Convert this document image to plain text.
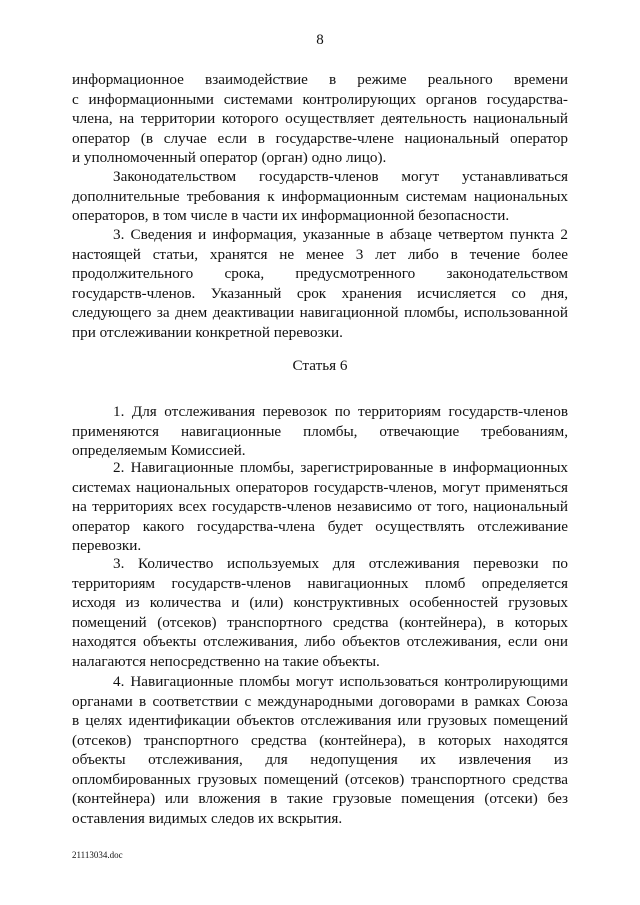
8
информационное взаимодействие в режиме реального времени
с информационными системами контролирующих органов государства-
члена, на территории которого осуществляет деятельность национальный
оператор (в случае если в государстве-члене национальный оператор
и уполномоченный оператор (орган) одно лицо).
Законодательством государств-членов могут устанавливаться
дополнительные требования к информационным системам национальных
операторов, в том числе в части их информационной безопасности.
3. Сведения и информация, указанные в абзаце четвертом пункта 2
настоящей статьи, хранятся не менее 3 лет либо в течение более
продолжительного срока, предусмотренного законодательством
государств-членов. Указанный срок хранения исчисляется со дня,
следующего за днем деактивации навигационной пломбы, использованной
при отслеживании конкретной перевозки.
Статья 6
1. Для отслеживания перевозок по территориям государств-членов
применяются навигационные пломбы, отвечающие требованиям,
определяемым Комиссией.
2. Навигационные пломбы, зарегистрированные в информационных
системах национальных операторов государств-членов, могут применяться
на территориях всех государств-членов независимо от того, национальный
оператор какого государства-члена будет осуществлять отслеживание
перевозки.
3. Количество используемых для отслеживания перевозки по
территориям государств-членов навигационных пломб определяется
исходя из количества и (или) конструктивных особенностей грузовых
помещений (отсеков) транспортного средства (контейнера), в которых
находятся объекты отслеживания, либо объектов отслеживания, если они
налагаются непосредственно на такие объекты.
4. Навигационные пломбы могут использоваться контролирующими
органами в соответствии с международными договорами в рамках Союза
в целях идентификации объектов отслеживания или грузовых помещений
(отсеков) транспортного средства (контейнера), в которых находятся
объекты отслеживания, для недопущения их извлечения из
опломбированных грузовых помещений (отсеков) транспортного средства
(контейнера) или вложения в такие грузовые помещения (отсеки) без
оставления видимых следов их вскрытия.
21113034.doc
